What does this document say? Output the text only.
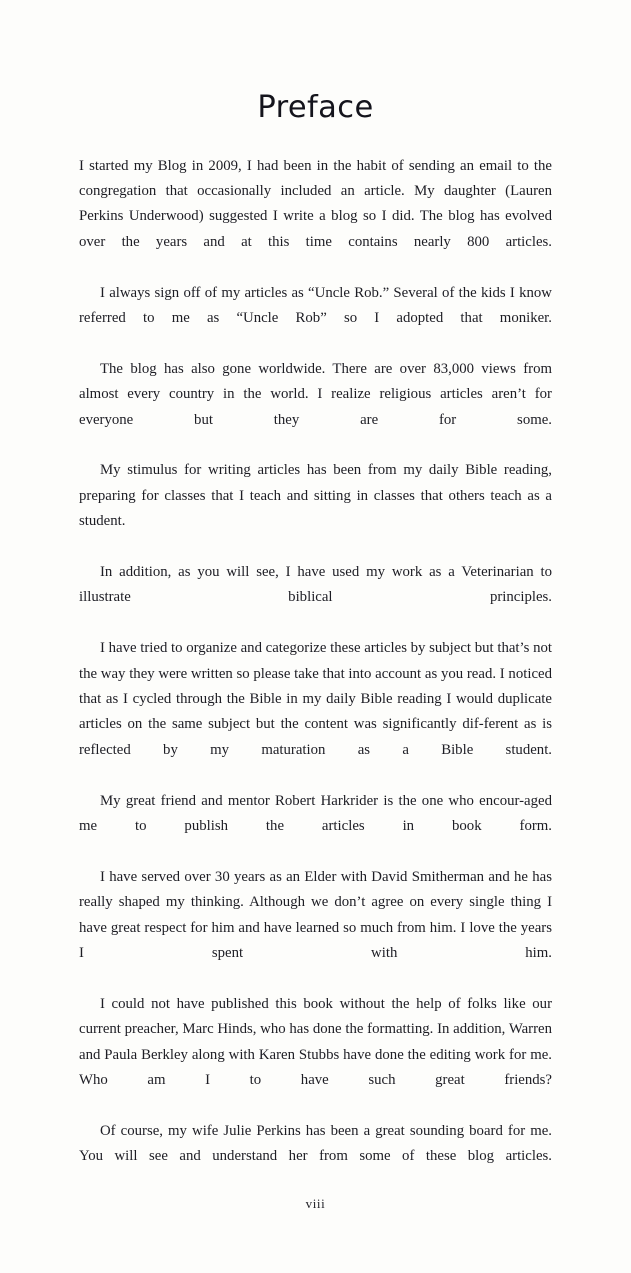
Preface

I started my Blog in 2009, I had been in the habit of sending an email to the congregation that occasionally included an article. My daughter (Lauren Perkins Underwood) suggested I write a blog so I did. The blog has evolved over the years and at this time contains nearly 800 articles.

I always sign off of my articles as “Uncle Rob.” Several of the kids I know referred to me as “Uncle Rob” so I adopted that moniker.

The blog has also gone worldwide. There are over 83,000 views from almost every country in the world. I realize religious articles aren’t for everyone but they are for some.

My stimulus for writing articles has been from my daily Bible reading, preparing for classes that I teach and sitting in classes that others teach as a student.

In addition, as you will see, I have used my work as a Veterinarian to illustrate biblical principles.

I have tried to organize and categorize these articles by subject but that’s not the way they were written so please take that into account as you read. I noticed that as I cycled through the Bible in my daily Bible reading I would duplicate articles on the same subject but the content was significantly dif-ferent as is reflected by my maturation as a Bible student.

My great friend and mentor Robert Harkrider is the one who encour-aged me to publish the articles in book form.

I have served over 30 years as an Elder with David Smitherman and he has really shaped my thinking. Although we don’t agree on every single thing I have great respect for him and have learned so much from him. I love the years I spent with him.

I could not have published this book without the help of folks like our current preacher, Marc Hinds, who has done the formatting. In addition, Warren and Paula Berkley along with Karen Stubbs have done the editing work for me. Who am I to have such great friends?

Of course, my wife Julie Perkins has been a great sounding board for me. You will see and understand her from some of these blog articles.

viii
